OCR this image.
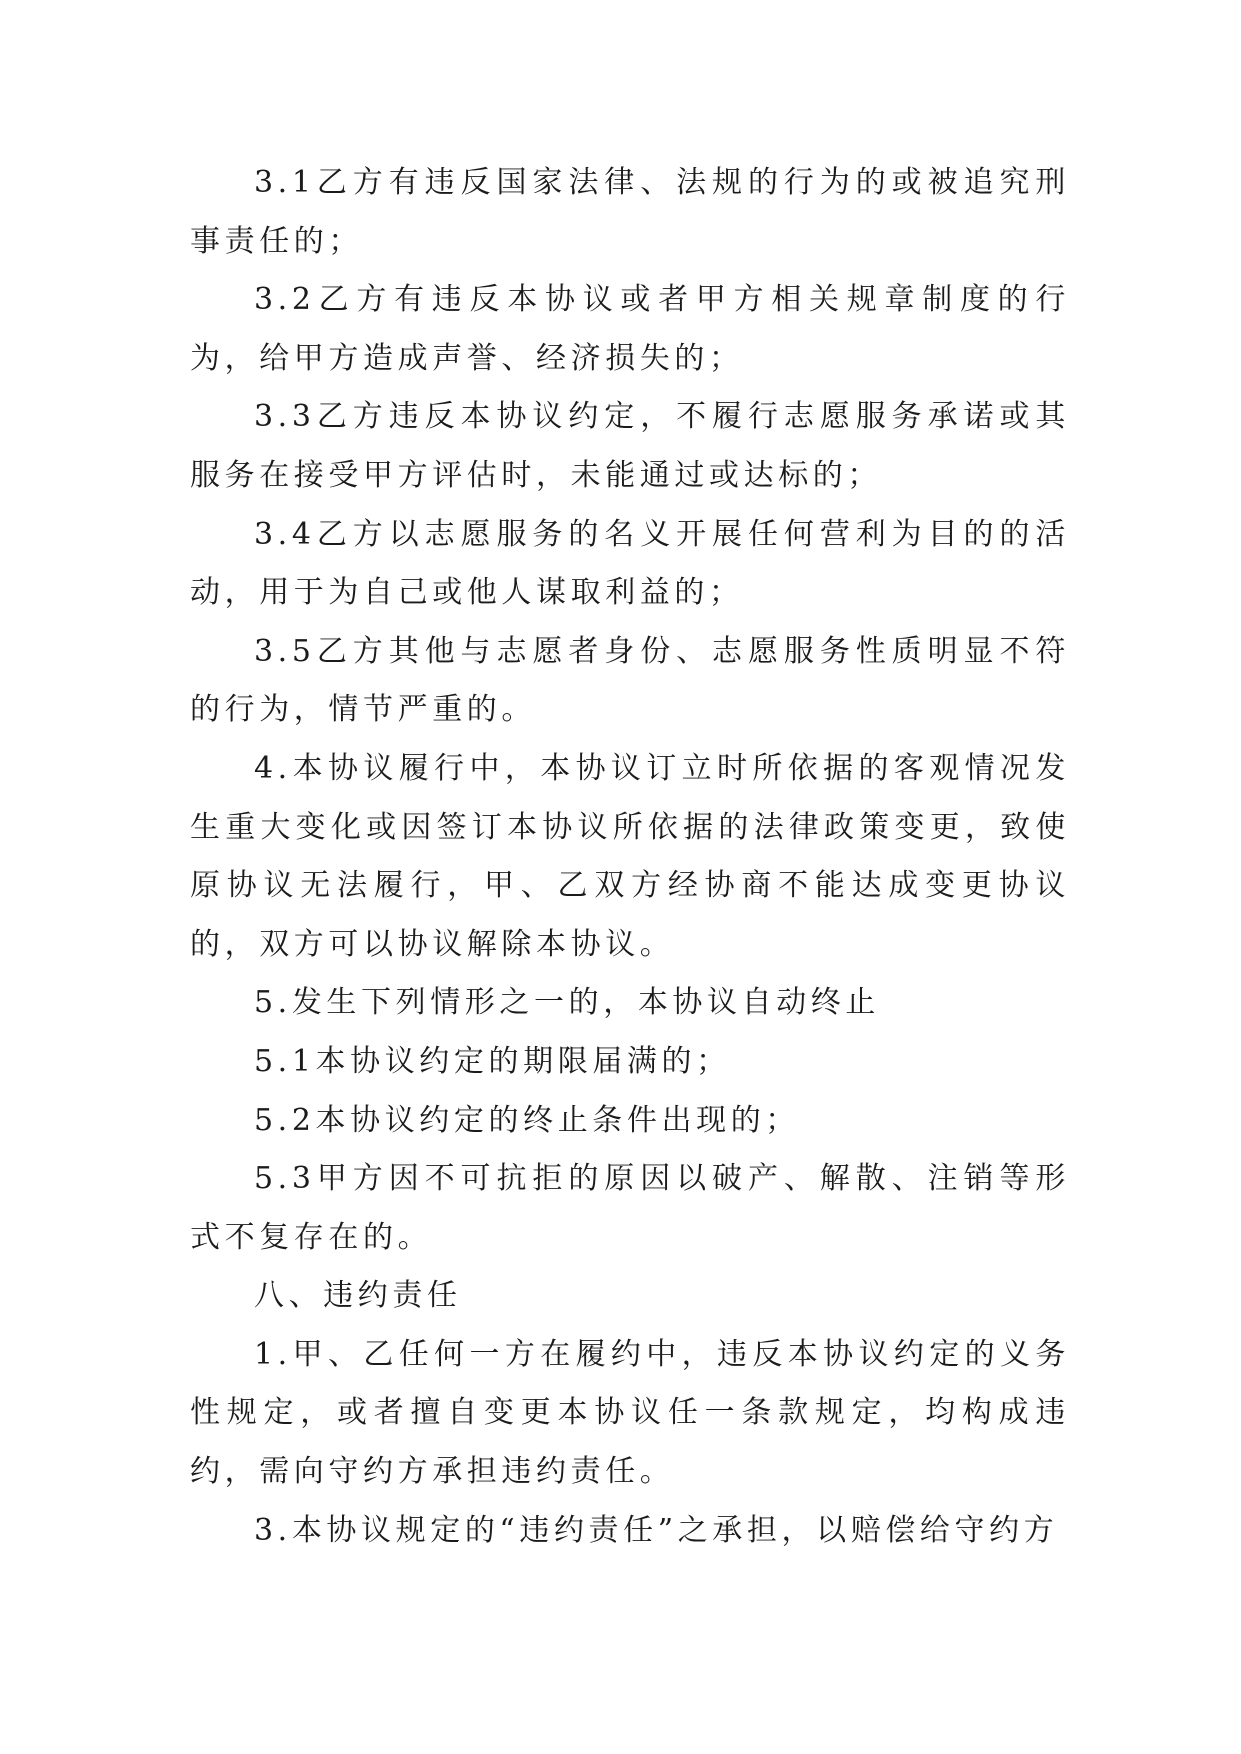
3.1乙方有违反国家法律、法规的行为的或被追究刑事责任的；

3.2乙方有违反本协议或者甲方相关规章制度的行为，给甲方造成声誉、经济损失的；

3.3乙方违反本协议约定，不履行志愿服务承诺或其服务在接受甲方评估时，未能通过或达标的；

3.4乙方以志愿服务的名义开展任何营利为目的的活动，用于为自己或他人谋取利益的；

3.5乙方其他与志愿者身份、志愿服务性质明显不符的行为，情节严重的。

4.本协议履行中，本协议订立时所依据的客观情况发生重大变化或因签订本协议所依据的法律政策变更，致使原协议无法履行，甲、乙双方经协商不能达成变更协议的，双方可以协议解除本协议。

5.发生下列情形之一的，本协议自动终止

5.1本协议约定的期限届满的；

5.2本协议约定的终止条件出现的；

5.3甲方因不可抗拒的原因以破产、解散、注销等形式不复存在的。

八、违约责任

1.甲、乙任何一方在履约中，违反本协议约定的义务性规定，或者擅自变更本协议任一条款规定，均构成违约，需向守约方承担违约责任。

3.本协议规定的“违约责任”之承担，以赔偿给守约方
